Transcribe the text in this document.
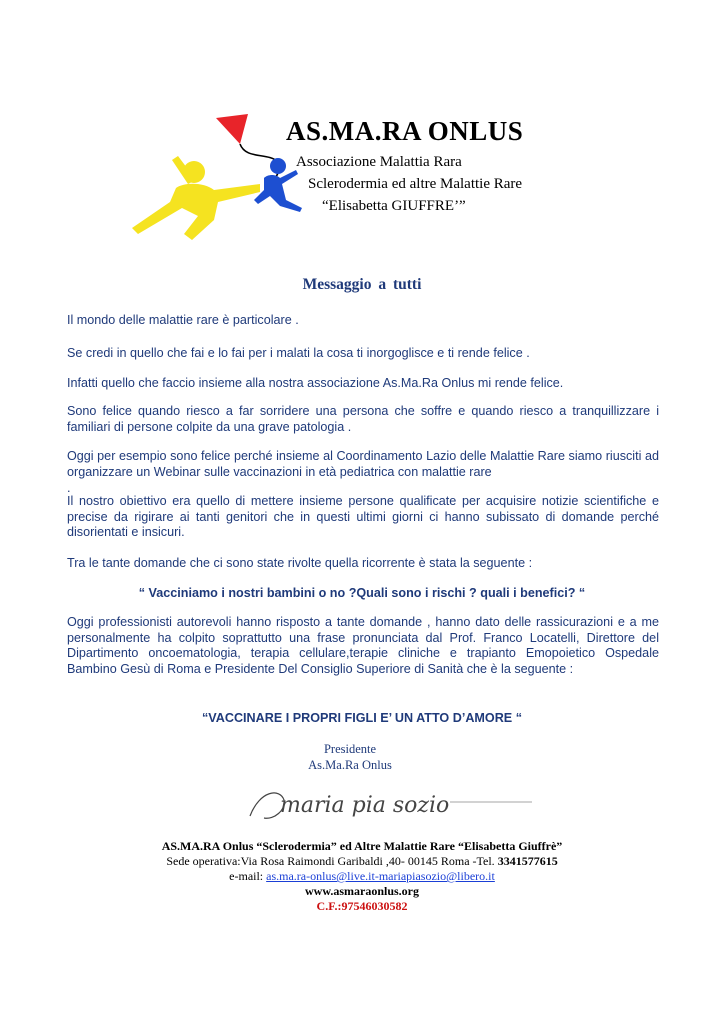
AS.MA.RA ONLUS
Associazione Malattia Rara
Sclerodermia ed altre Malattie Rare
“Elisabetta GIUFFRE’”
Messaggio a tutti

Il mondo delle malattie rare è particolare .

Se credi in quello che fai e lo fai per i malati la cosa ti inorgoglisce e ti rende felice .

Infatti quello che faccio insieme alla nostra associazione As.Ma.Ra Onlus mi rende felice.

Sono felice quando riesco a far sorridere una persona che soffre e quando riesco a tranquillizzare i familiari di persone colpite da una grave patologia .

Oggi per esempio sono felice perché insieme al Coordinamento Lazio delle Malattie Rare siamo riusciti ad organizzare un Webinar sulle vaccinazioni in età pediatrica con malattie rare

.

Il nostro obiettivo era quello di mettere insieme persone qualificate per acquisire notizie scientifiche e precise da rigirare ai tanti genitori che in questi ultimi giorni ci hanno subissato di domande perché disorientati e insicuri.

Tra le tante domande che ci sono state rivolte quella ricorrente è stata la seguente :

“ Vacciniamo i nostri bambini o no ?Quali sono i rischi ? quali i benefici? “

Oggi professionisti autorevoli hanno risposto a tante domande , hanno dato delle rassicurazioni e a me personalmente ha colpito soprattutto una frase pronunciata dal Prof. Franco Locatelli, Direttore del Dipartimento oncoematologia, terapia cellulare,terapie cliniche e trapianto Emopoietico Ospedale Bambino Gesù di Roma e Presidente Del Consiglio Superiore di Sanità che è la seguente :

“VACCINARE I PROPRI FIGLI E’ UN ATTO D’AMORE “
Presidente
As.Ma.Ra Onlus
maria pia sozio
AS.MA.RA Onlus “Sclerodermia” ed Altre Malattie Rare “Elisabetta Giuffrè”
Sede operativa:Via Rosa Raimondi Garibaldi ,40- 00145 Roma -Tel. 3341577615
e-mail: as.ma.ra-onlus@live.it-mariapiasozio@libero.it
www.asmaraonlus.org
C.F.:97546030582
